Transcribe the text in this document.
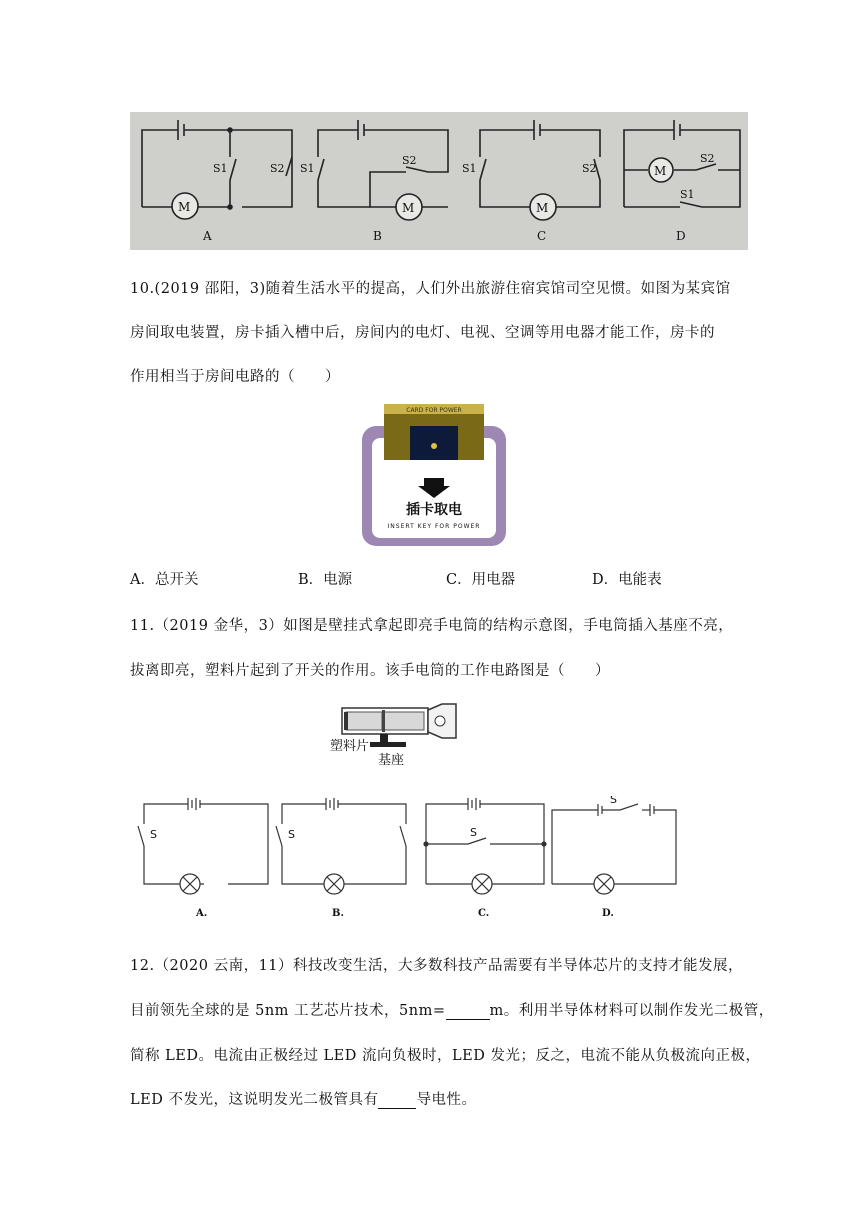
M
S1	S2
A
M
S1
S2
B
M
S1	S2
C
M
S2
S1
D
10.(2019 邵阳，3)随着生活水平的提高，人们外出旅游住宿宾馆司空见惯。如图为某宾馆
房间取电装置，房卡插入槽中后，房间内的电灯、电视、空调等用电器才能工作，房卡的
作用相当于房间电路的（　　）
CARD FOR POWER
插卡取电
INSERT KEY FOR POWER
A．总开关	B．电源	C．用电器	D．电能表
11.（2019 金华，3）如图是壁挂式拿起即亮手电筒的结构示意图，手电筒插入基座不亮，
拔离即亮，塑料片起到了开关的作用。该手电筒的工作电路图是（　　）
塑料片
基座
S
A.
S
B.
S
C.
S
D.
12.（2020 云南，11）科技改变生活，大多数科技产品需要有半导体芯片的支持才能发展，
目前领先全球的是 5nm 工艺芯片技术，5nm=	m。利用半导体材料可以制作发光二极管，
简称 LED。电流由正极经过 LED 流向负极时，LED 发光；反之，电流不能从负极流向正极，
LED 不发光，这说明发光二极管具有	导电性。
